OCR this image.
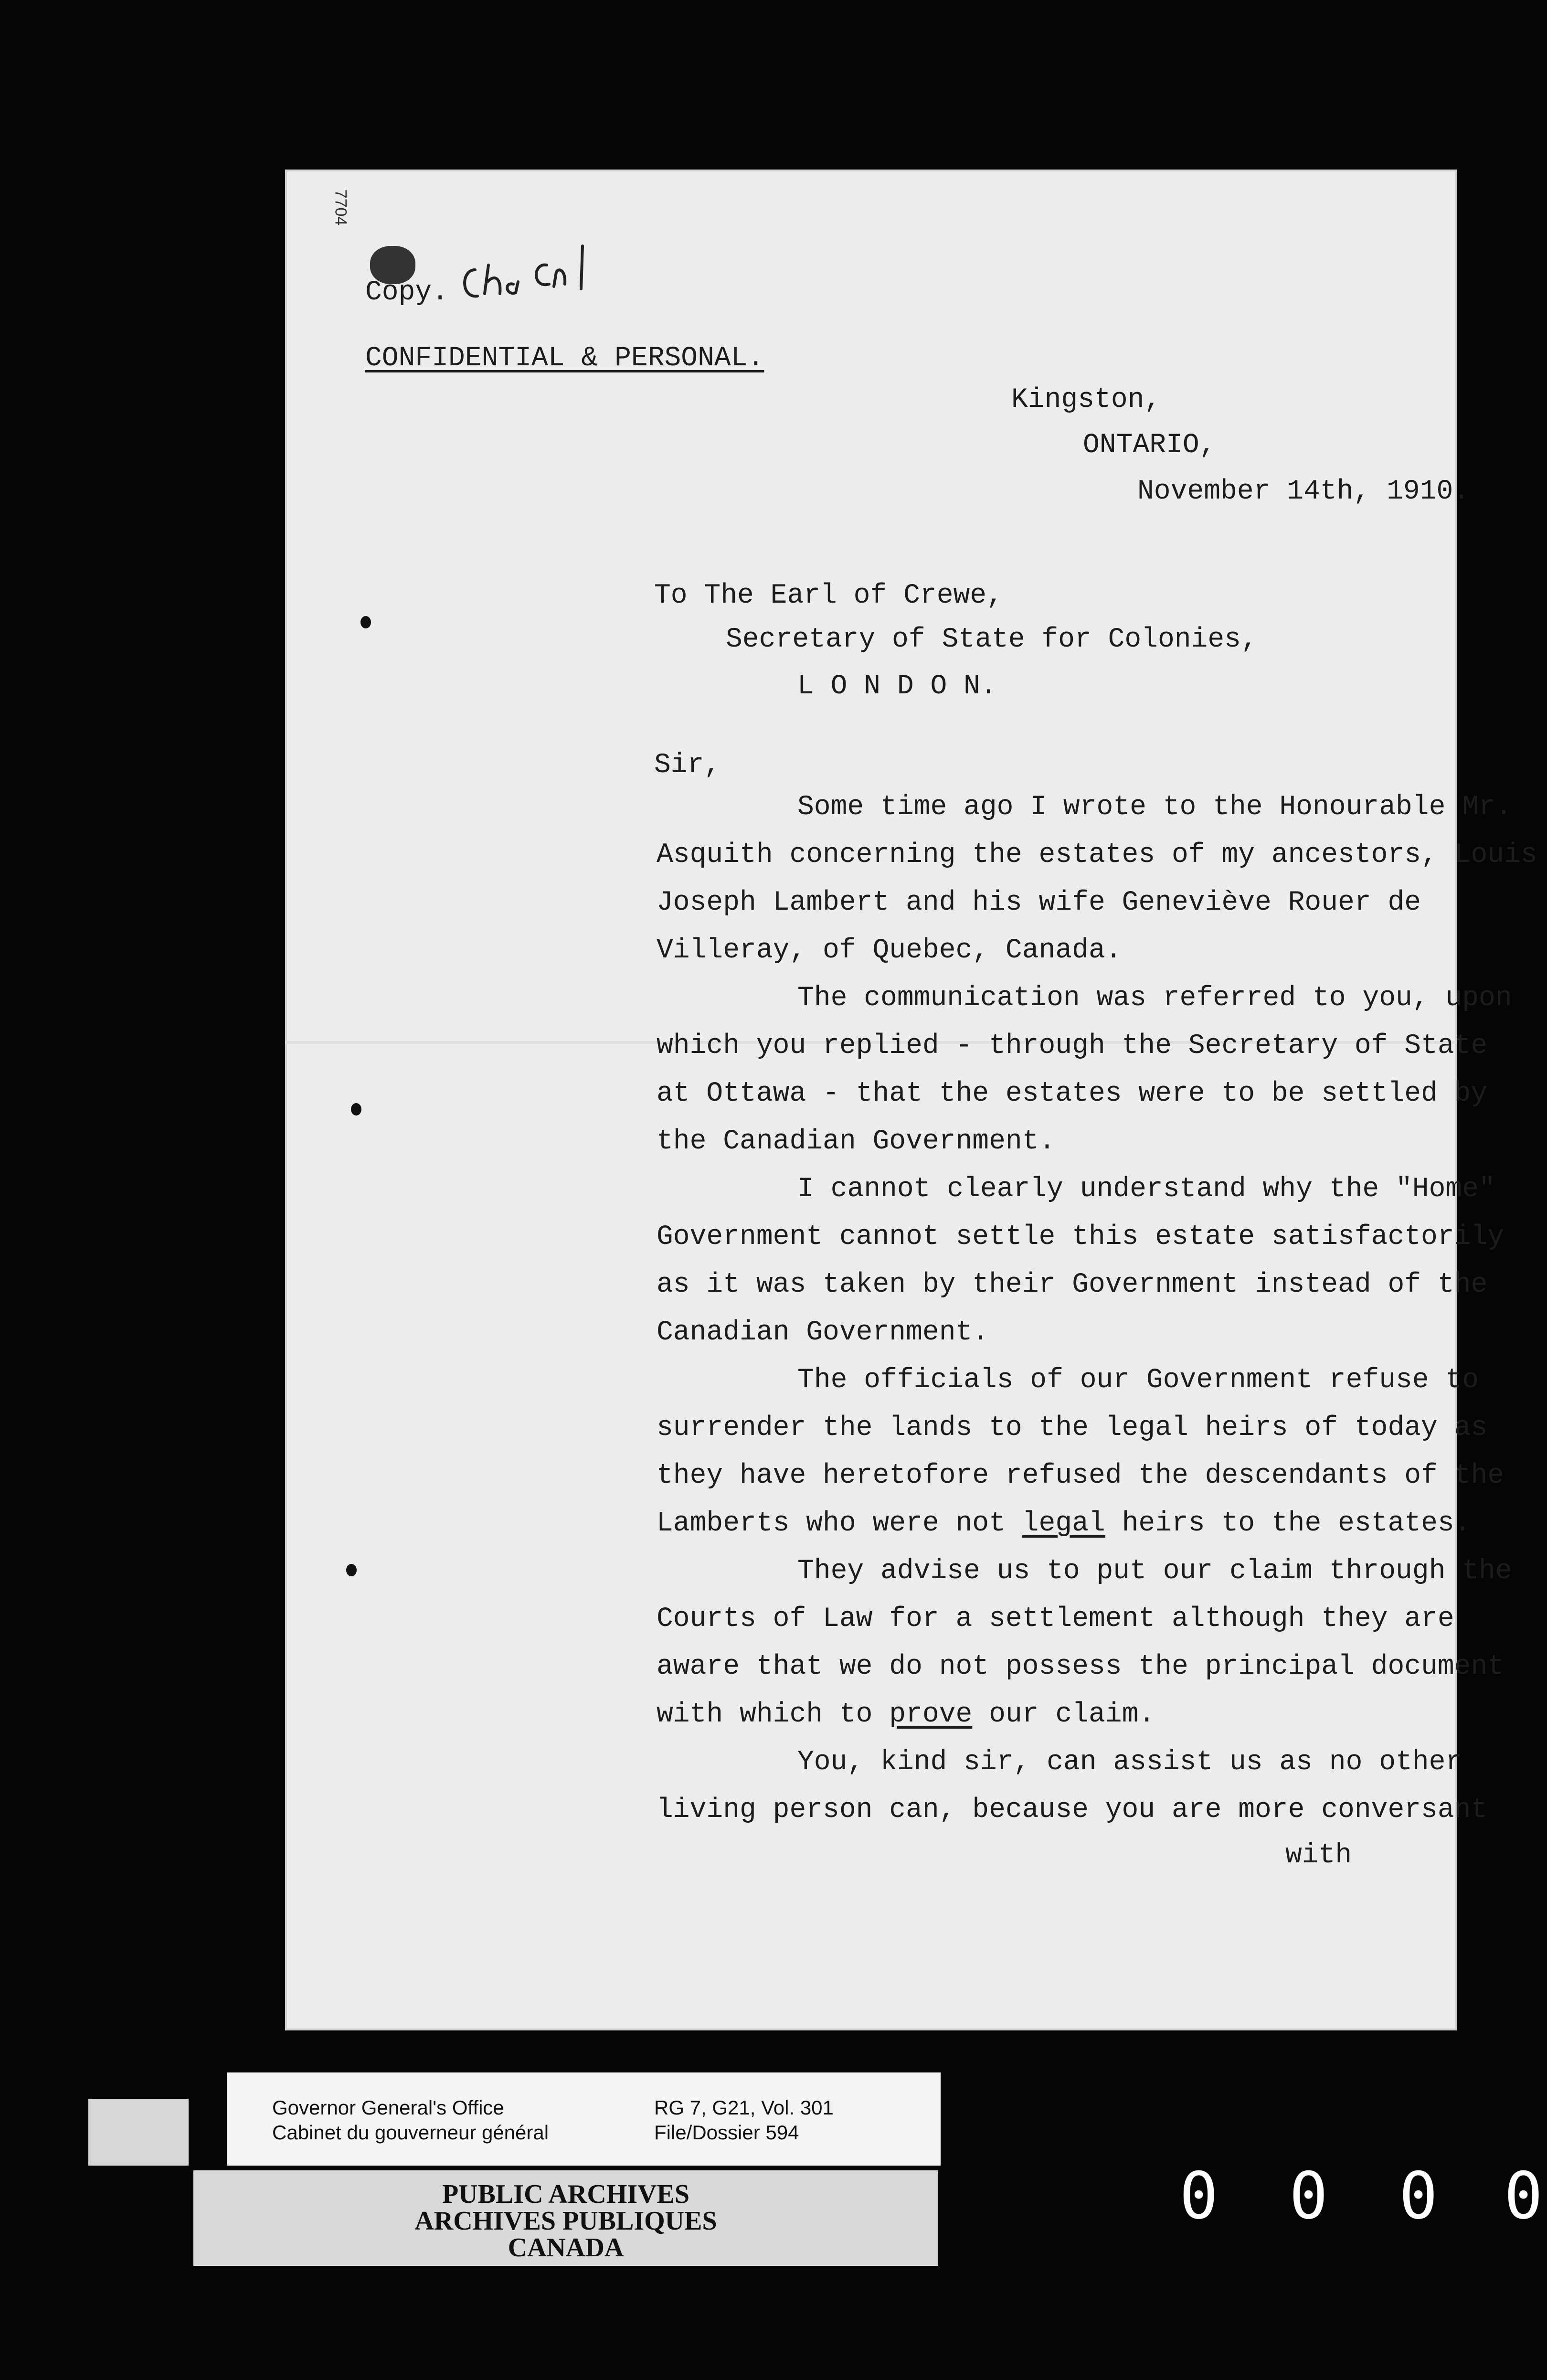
7704
Copy.
CONFIDENTIAL & PERSONAL.
Kingston,
ONTARIO,
November 14th, 1910.
To The Earl of Crewe,
Secretary of State for Colonies,
L O N D O N.
Sir,
Some time ago I wrote to the Honourable Mr.
Asquith concerning the estates of my ancestors, Louis
Joseph Lambert and his wife Geneviève Rouer de
Villeray, of Quebec, Canada.
The communication was referred to you, upon
which you replied - through the Secretary of State
at Ottawa - that the estates were to be settled by
the Canadian Government.
I cannot clearly understand why the "Home"
Government cannot settle this estate satisfactorily
as it was taken by their Government instead of the
Canadian Government.
The officials of our Government refuse to
surrender the lands to the legal heirs of today as
they have heretofore refused the descendants of the
Lamberts who were not legal heirs to the estates.
They advise us to put our claim through the
Courts of Law for a settlement although they are
aware that we do not possess the principal document
with which to prove our claim.
You, kind sir, can assist us as no other
living person can, because you are more conversant
with
Governor General's Office
Cabinet du gouverneur général
RG 7, G21, Vol. 301
File/Dossier 594
PUBLIC ARCHIVES
ARCHIVES PUBLIQUES
CANADA
0 0 0 0
